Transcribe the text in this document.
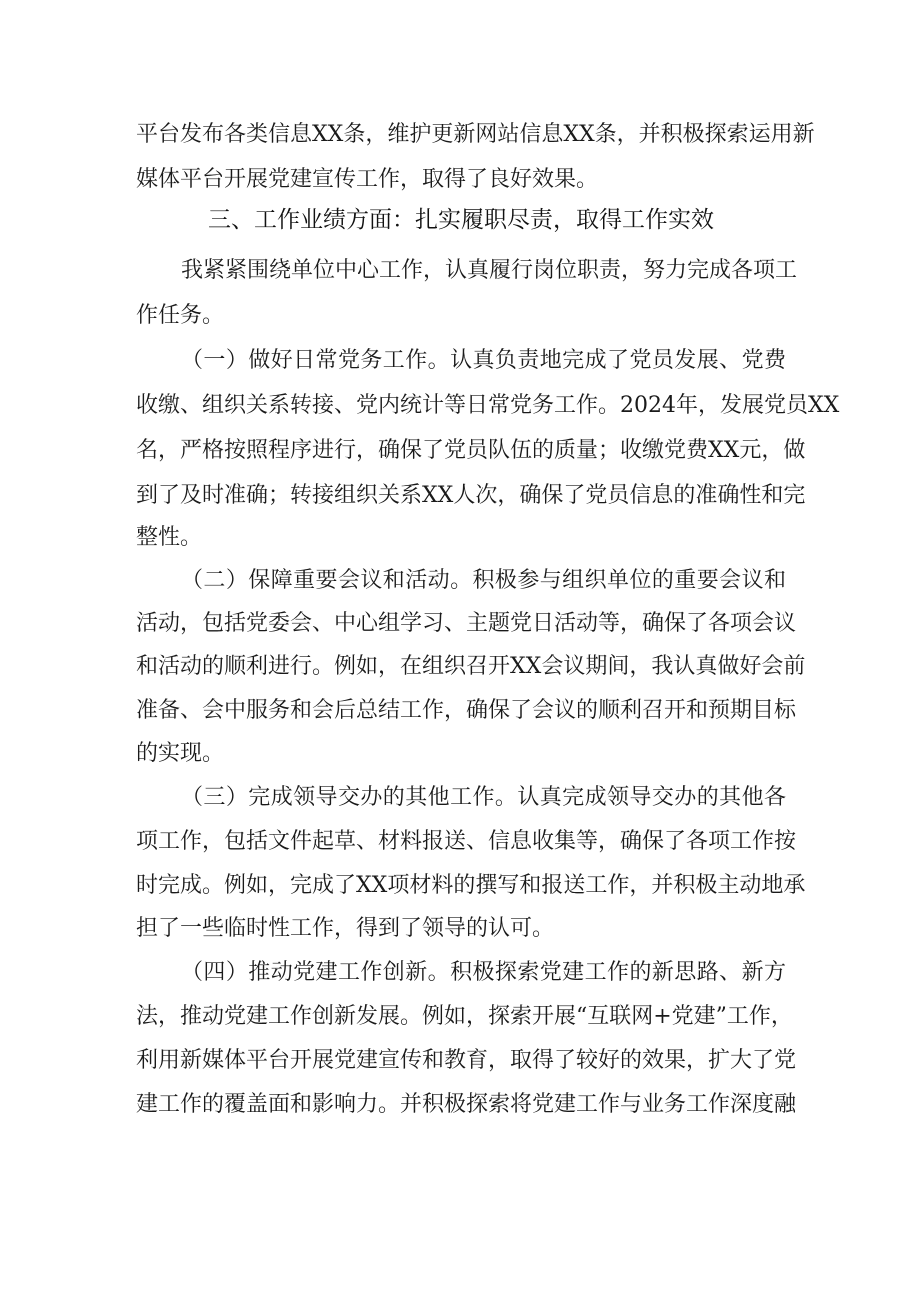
平台发布各类信息XX条，维护更新网站信息XX条，并积极探索运用新
媒体平台开展党建宣传工作，取得了良好效果。
三、工作业绩方面：扎实履职尽责，取得工作实效
我紧紧围绕单位中心工作，认真履行岗位职责，努力完成各项工
作任务。
（一）做好日常党务工作。认真负责地完成了党员发展、党费
收缴、组织关系转接、党内统计等日常党务工作。2024年，发展党员XX
名，严格按照程序进行，确保了党员队伍的质量；收缴党费XX元，做
到了及时准确；转接组织关系XX人次，确保了党员信息的准确性和完
整性。
（二）保障重要会议和活动。积极参与组织单位的重要会议和
活动，包括党委会、中心组学习、主题党日活动等，确保了各项会议
和活动的顺利进行。例如，在组织召开XX会议期间，我认真做好会前
准备、会中服务和会后总结工作，确保了会议的顺利召开和预期目标
的实现。
（三）完成领导交办的其他工作。认真完成领导交办的其他各
项工作，包括文件起草、材料报送、信息收集等，确保了各项工作按
时完成。例如，完成了XX项材料的撰写和报送工作，并积极主动地承
担了一些临时性工作，得到了领导的认可。
（四）推动党建工作创新。积极探索党建工作的新思路、新方
法，推动党建工作创新发展。例如，探索开展“互联网+党建”工作，
利用新媒体平台开展党建宣传和教育，取得了较好的效果，扩大了党
建工作的覆盖面和影响力。并积极探索将党建工作与业务工作深度融
